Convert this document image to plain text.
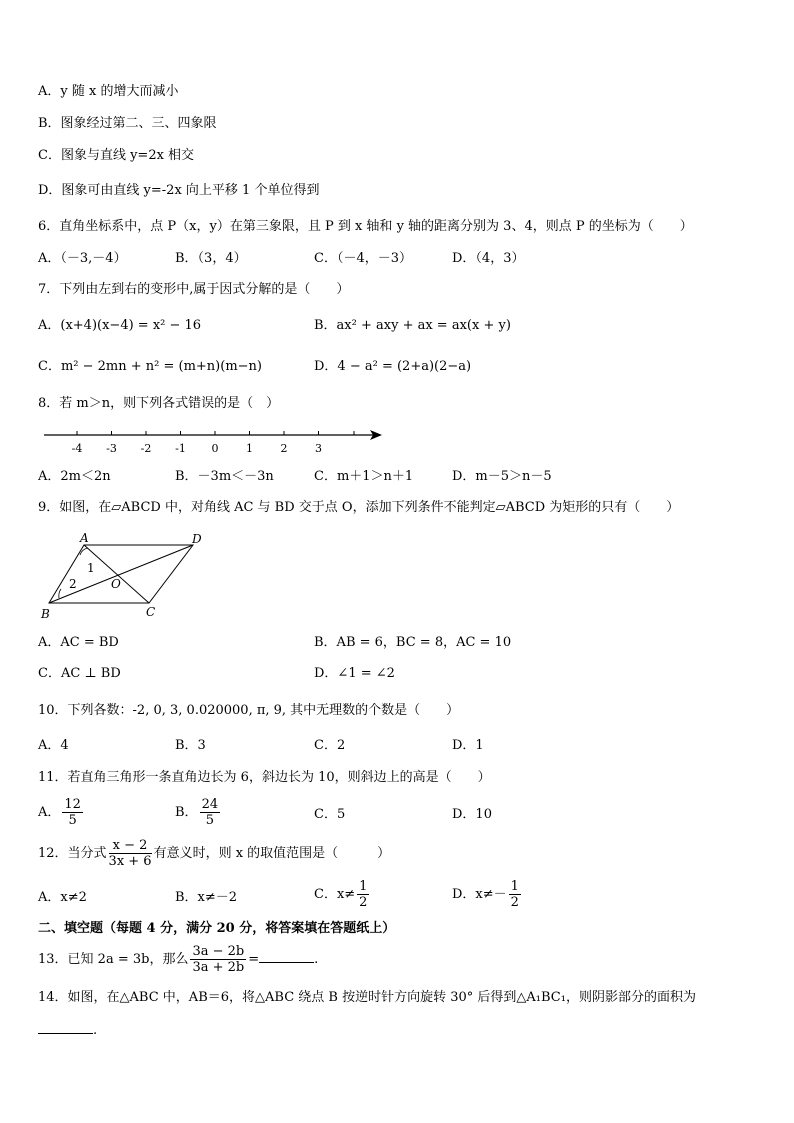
A．y 随 x 的增大而减小
B．图象经过第二、三、四象限
C．图象与直线 y=2x 相交
D．图象可由直线 y=-2x 向上平移 1 个单位得到
6．直角坐标系中，点 P（x，y）在第三象限，且 P 到 x 轴和 y 轴的距离分别为 3、4，则点 P 的坐标为（　　）
A．（－3,－4）	B．（3，4）	C．（－4，－3）	D．（4，3）
7．下列由左到右的变形中,属于因式分解的是（　　）
A．(x+4)(x−4) = x² − 16	B．ax² + axy + ax = ax(x + y)
C．m² − 2mn + n² = (m+n)(m−n)	D．4 − a² = (2+a)(2−a)
8．若 m＞n，则下列各式错误的是（　）
-4 -3 -2 -1 0	1	2	3
A．2m＜2n	B．－3m＜－3n	C．m＋1＞n＋1	D．m－5＞n－5
9．如图，在▱ABCD 中，对角线 AC 与 BD 交于点 O，添加下列条件不能判定▱ABCD 为矩形的只有（　　）
A	D
B	C
O
1
2
A．AC = BD	B．AB = 6，BC = 8，AC = 10
C．AC ⊥ BD	D．∠1 = ∠2
10．下列各数：-2, 0, 3, 0.020000, π, 9, 其中无理数的个数是（　　）
A．4	B．3	C．2	D．1
11．若直角三角形一条直角边长为 6，斜边长为 10，则斜边上的高是（　　）
A． $\frac{12}{5}$	B． $\frac{24}{5}$	C．5	D．10
12．当分式 $\frac{x - 2}{3x + 6}$ 有意义时，则 x 的取值范围是（　　　）
A．x≠2	B．x≠－2	C．$x\ne \frac{1}{2}$	D．$x\ne- \frac{1}{2}$
二、填空题（每题 4 分，满分 20 分，将答案填在答题纸上）
13．已知 2a = 3b，那么 $\frac{3a - 2b}{3a + 2b}$ =	.
14．如图，在△ABC 中，AB＝6，将△ABC 绕点 B 按逆时针方向旋转 30° 后得到△A₁BC₁，则阴影部分的面积为
.
